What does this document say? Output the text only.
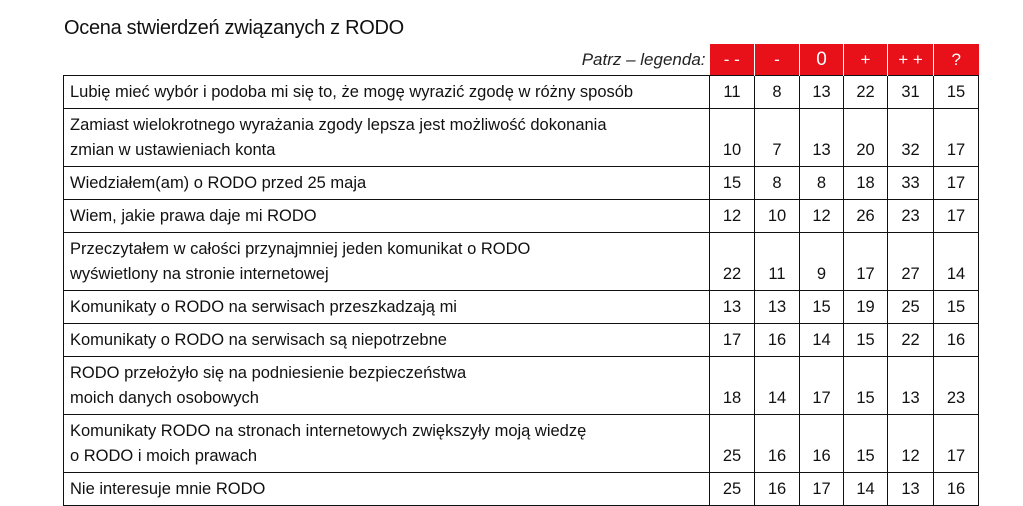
Ocena stwierdzeń związanych z RODO
Patrz – legenda:	- -	-	0	+	+ +	?

Lubię mieć wybór i podoba mi się to, że mogę wyrazić zgodę w różny sposób	11	8	13	22	31	15

Zamiast wielokrotnego wyrażania zgody lepsza jest możliwość dokonania
zmian w ustawieniach konta	10	7	13	20	32	17

Wiedziałem(am) o RODO przed 25 maja	15	8	8	18	33	17

Wiem, jakie prawa daje mi RODO	12	10	12	26	23	17

Przeczytałem w całości przynajmniej jeden komunikat o RODO
wyświetlony na stronie internetowej	22	11	9	17	27	14

Komunikaty o RODO na serwisach przeszkadzają mi	13	13	15	19	25	15

Komunikaty o RODO na serwisach są niepotrzebne	17	16	14	15	22	16

RODO przełożyło się na podniesienie bezpieczeństwa
moich danych osobowych	18	14	17	15	13	23

Komunikaty RODO na stronach internetowych zwiększyły moją wiedzę
o RODO i moich prawach	25	16	16	15	12	17

Nie interesuje mnie RODO	25	16	17	14	13	16
